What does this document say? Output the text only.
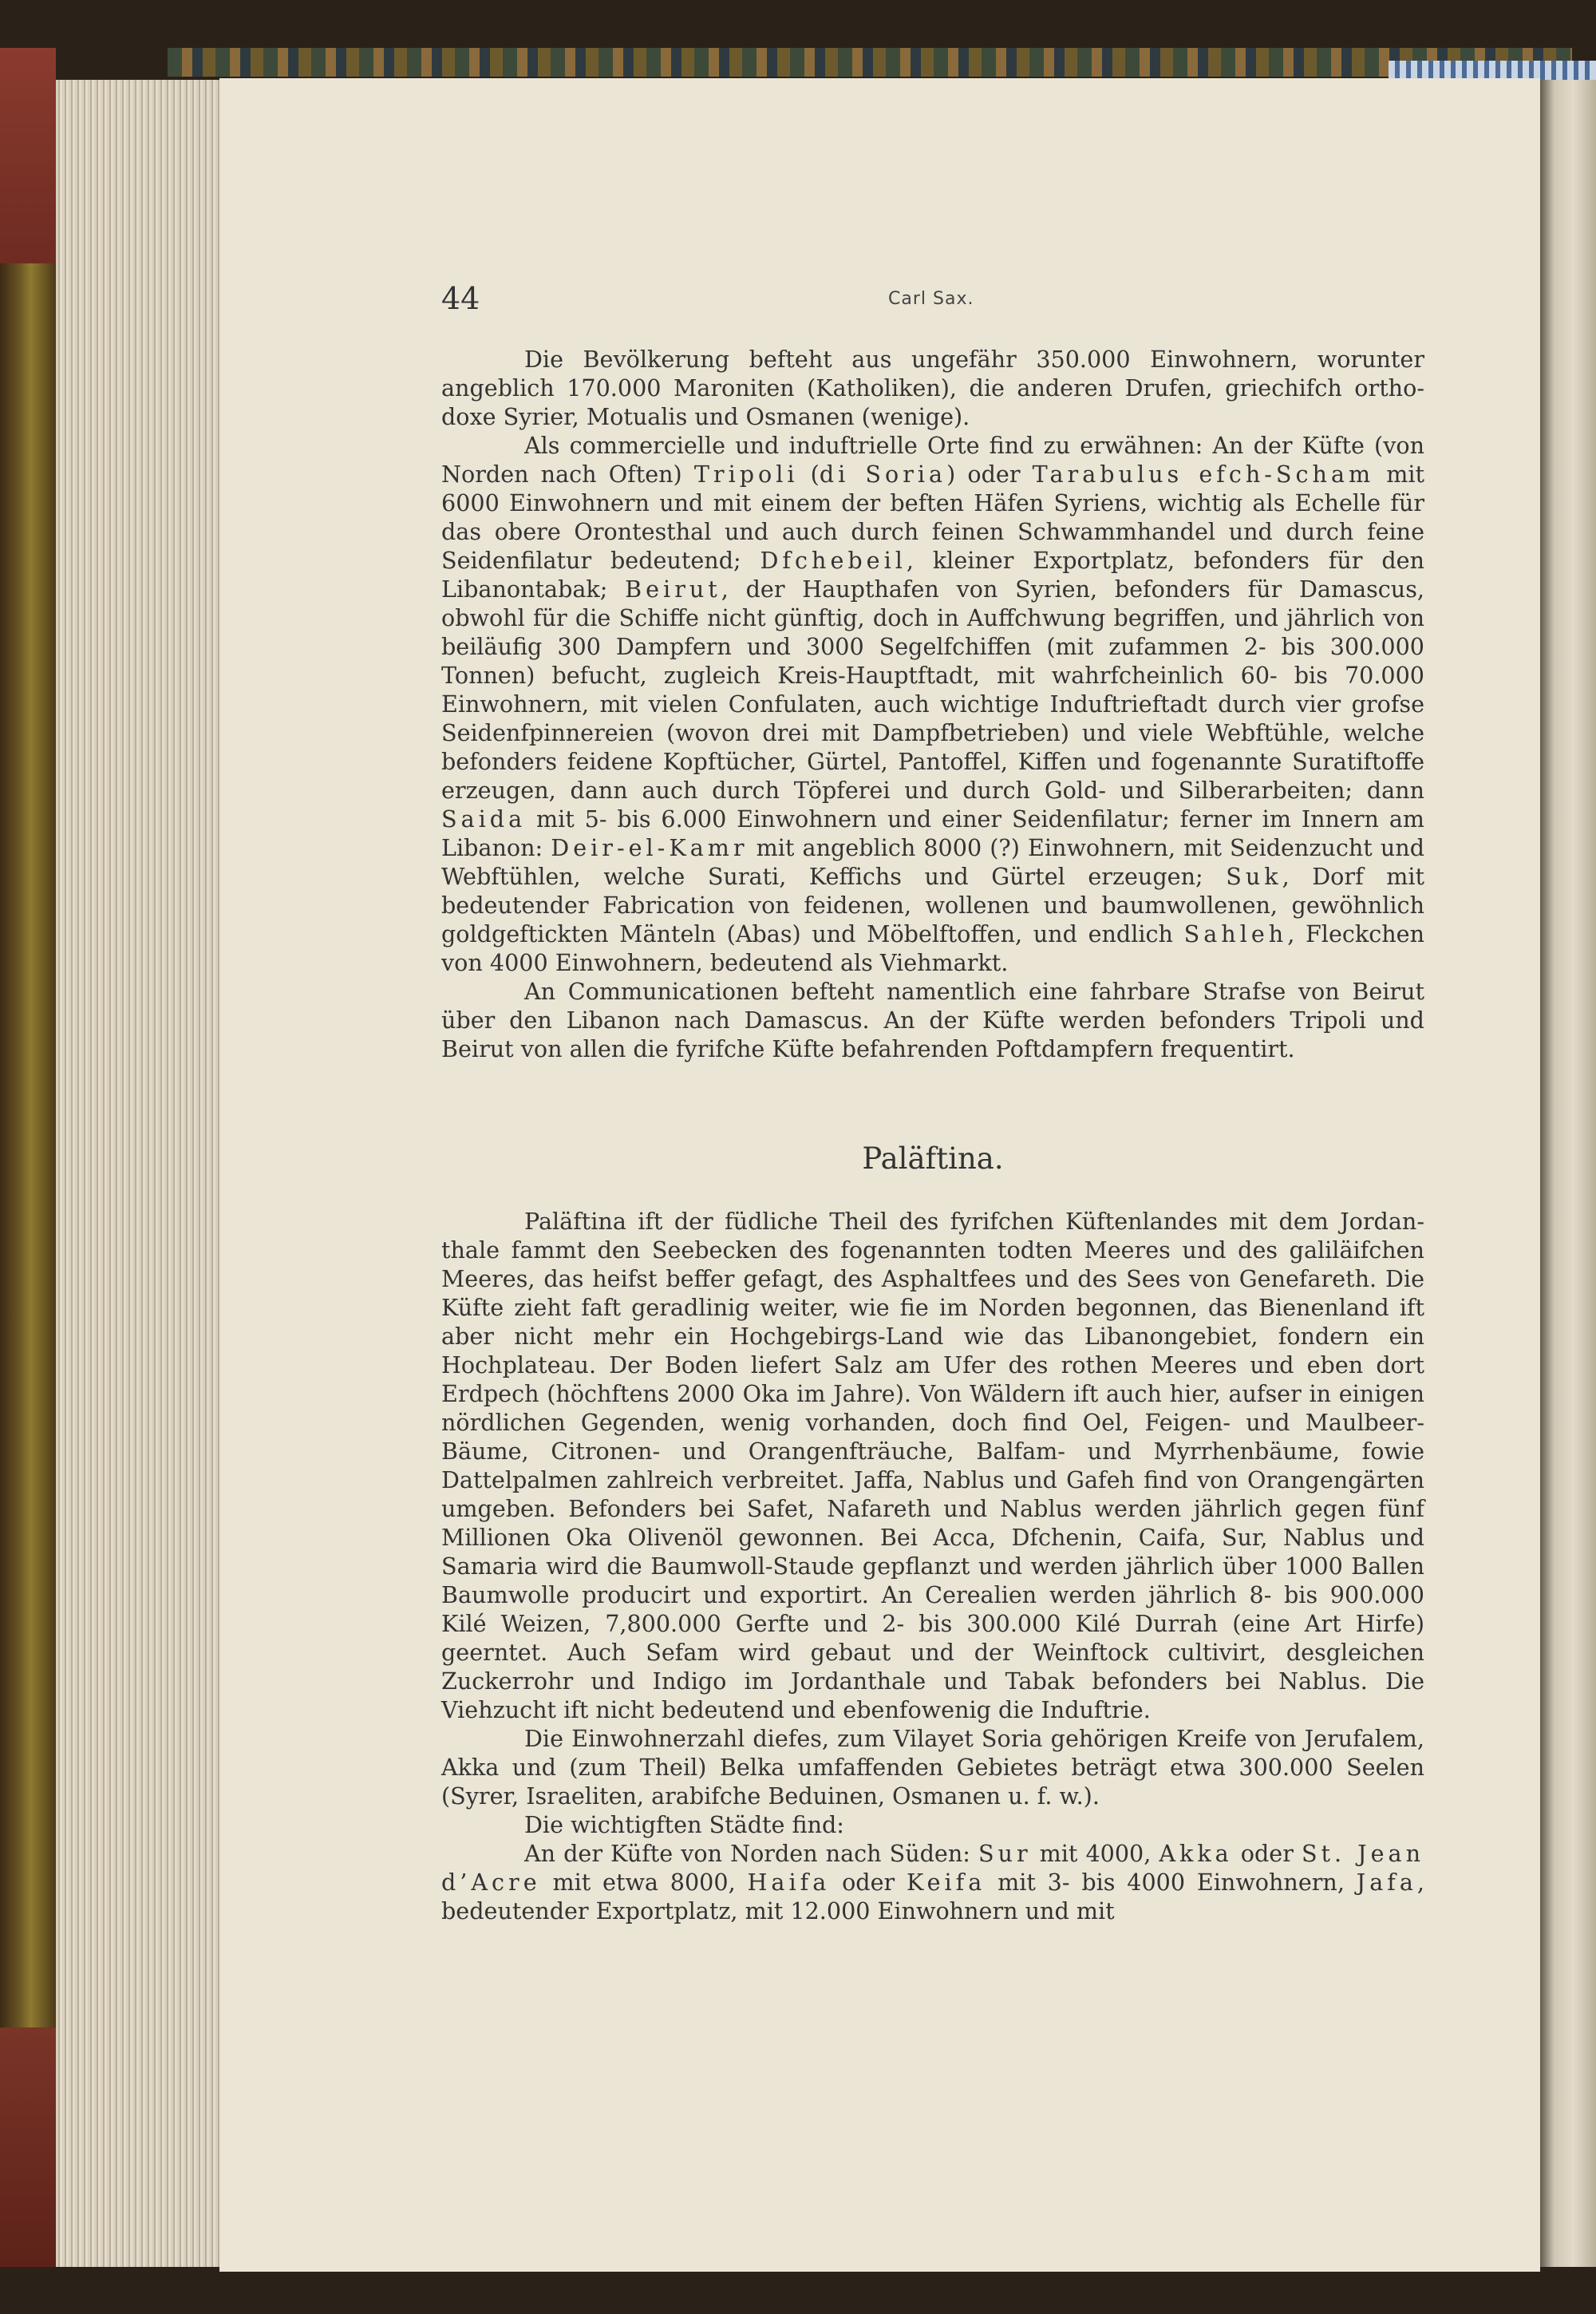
44	Carl Sax.

Die Bevölkerung befteht aus ungefähr 350.000 Einwohnern, worunter angeblich 170.000 Maroniten (Katholiken), die anderen Drufen, griechifch orthodoxe Syrier, Motualis und Osmanen (wenige).

Als commercielle und induftrielle Orte find zu erwähnen: An der Küfte (von Norden nach Often) Tripoli (di Soria) oder Tarabulus efch-Scham mit 6000 Einwohnern und mit einem der beften Häfen Syriens, wichtig als Echelle für das obere Orontesthal und auch durch feinen Schwammhandel und durch feine Seidenfilatur bedeutend; Dfchebeil, kleiner Exportplatz, befonders für den Libanontabak; Beirut, der Haupthafen von Syrien, befonders für Damascus, obwohl für die Schiffe nicht günftig, doch in Auffchwung begriffen, und jährlich von beiläufig 300 Dampfern und 3000 Segelfchiffen (mit zufammen 2- bis 300.000 Tonnen) befucht, zugleich Kreis-Hauptftadt, mit wahrfcheinlich 60- bis 70.000 Einwohnern, mit vielen Confulaten, auch wichtige Induftrieftadt durch vier grofse Seidenfpinnereien (wovon drei mit Dampfbetrieben) und viele Webftühle, welche befonders feidene Kopftücher, Gürtel, Pantoffel, Kiffen und fogenannte Suratiftoffe erzeugen, dann auch durch Töpferei und durch Gold- und Silberarbeiten; dann Saida mit 5- bis 6.000 Einwohnern und einer Seidenfilatur; ferner im Innern am Libanon: Deir-el-Kamr mit angeblich 8000 (?) Einwohnern, mit Seidenzucht und Webftühlen, welche Surati, Keffichs und Gürtel erzeugen; Suk, Dorf mit bedeutender Fabrication von feidenen, wollenen und baumwollenen, gewöhnlich goldgeftickten Mänteln (Abas) und Möbelftoffen, und endlich Sahleh, Fleckchen von 4000 Einwohnern, bedeutend als Viehmarkt.

An Communicationen befteht namentlich eine fahrbare Strafse von Beirut über den Libanon nach Damascus. An der Küfte werden befonders Tripoli und Beirut von allen die fyrifche Küfte befahrenden Poftdampfern frequentirt.

Paläftina.

Paläftina ift der füdliche Theil des fyrifchen Küftenlandes mit dem Jordanthale fammt den Seebecken des fogenannten todten Meeres und des galiläifchen Meeres, das heifst beffer gefagt, des Asphaltfees und des Sees von Genefareth. Die Küfte zieht faft geradlinig weiter, wie fie im Norden begonnen, das Bienenland ift aber nicht mehr ein Hochgebirgs-Land wie das Libanongebiet, fondern ein Hochplateau. Der Boden liefert Salz am Ufer des rothen Meeres und eben dort Erdpech (höchftens 2000 Oka im Jahre). Von Wäldern ift auch hier, aufser in einigen nördlichen Gegenden, wenig vorhanden, doch find Oel, Feigen- und Maulbeer-Bäume, Citronen- und Orangenfträuche, Balfam- und Myrrhenbäume, fowie Dattelpalmen zahlreich verbreitet. Jaffa, Nablus und Gafeh find von Orangengärten umgeben. Befonders bei Safet, Nafareth und Nablus werden jährlich gegen fünf Millionen Oka Olivenöl gewonnen. Bei Acca, Dfchenin, Caifa, Sur, Nablus und Samaria wird die Baumwoll-Staude gepflanzt und werden jährlich über 1000 Ballen Baumwolle producirt und exportirt. An Cerealien werden jährlich 8- bis 900.000 Kilé Weizen, 7,800.000 Gerfte und 2- bis 300.000 Kilé Durrah (eine Art Hirfe) geerntet. Auch Sefam wird gebaut und der Weinftock cultivirt, desgleichen Zuckerrohr und Indigo im Jordanthale und Tabak befonders bei Nablus. Die Viehzucht ift nicht bedeutend und ebenfowenig die Induftrie.

Die Einwohnerzahl diefes, zum Vilayet Soria gehörigen Kreife von Jerufalem, Akka und (zum Theil) Belka umfaffenden Gebietes beträgt etwa 300.000 Seelen (Syrer, Israeliten, arabifche Beduinen, Osmanen u. f. w.).

Die wichtigften Städte find:

An der Küfte von Norden nach Süden: Sur mit 4000, Akka oder St. Jean d’Acre mit etwa 8000, Haifa oder Keifa mit 3- bis 4000 Einwohnern, Jafa, bedeutender Exportplatz, mit 12.000 Einwohnern und mit
